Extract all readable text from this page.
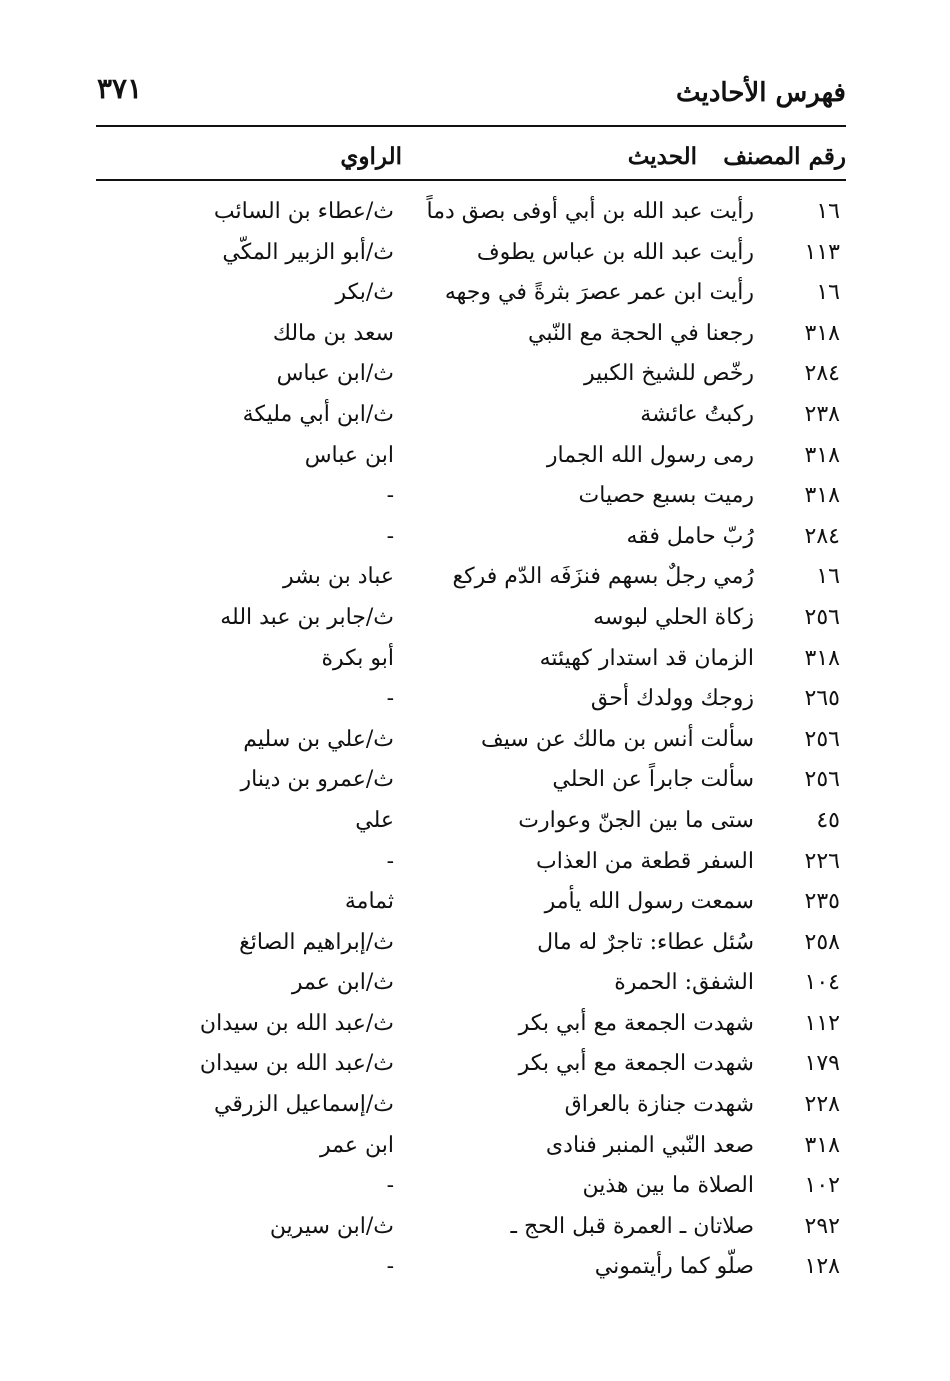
فهرس الأحاديث
٣٧١
رقم المصنف
الحديث
الراوي
١٦
رأيت عبد الله بن أبي أوفى بصق دماً
ث/عطاء بن السائب
١١٣
رأيت عبد الله بن عباس يطوف
ث/أبو الزبير المكّي
١٦
رأيت ابن عمر عصرَ بثرةً في وجهه
ث/بكر
٣١٨
رجعنا في الحجة مع النّبي
سعد بن مالك
٢٨٤
رخّص للشيخ الكبير
ث/ابن عباس
٢٣٨
ركبتُ عائشة
ث/ابن أبي مليكة
٣١٨
رمى رسول الله الجمار
ابن عباس
٣١٨
رميت بسبع حصيات
-
٢٨٤
رُبّ حامل فقه
-
١٦
رُمي رجلٌ بسهم فنزَفَه الدّم فركع
عباد بن بشر
٢٥٦
زكاة الحلي لبوسه
ث/جابر بن عبد الله
٣١٨
الزمان قد استدار كهيئته
أبو بكرة
٢٦٥
زوجك وولدك أحق
-
٢٥٦
سألت أنس بن مالك عن سيف
ث/علي بن سليم
٢٥٦
سألت جابراً عن الحلي
ث/عمرو بن دينار
٤٥
ستى ما بين الجنّ وعوارت
علي
٢٢٦
السفر قطعة من العذاب
-
٢٣٥
سمعت رسول الله يأمر
ثمامة
٢٥٨
سُئل عطاء: تاجرٌ له مال
ث/إبراهيم الصائغ
١٠٤
الشفق: الحمرة
ث/ابن عمر
١١٢
شهدت الجمعة مع أبي بكر
ث/عبد الله بن سيدان
١٧٩
شهدت الجمعة مع أبي بكر
ث/عبد الله بن سيدان
٢٢٨
شهدت جنازة بالعراق
ث/إسماعيل الزرقي
٣١٨
صعد النّبي المنبر فنادى
ابن عمر
١٠٢
الصلاة ما بين هذين
-
٢٩٢
صلاتان ـ العمرة قبل الحج ـ
ث/ابن سيرين
١٢٨
صلّو كما رأيتموني
-
